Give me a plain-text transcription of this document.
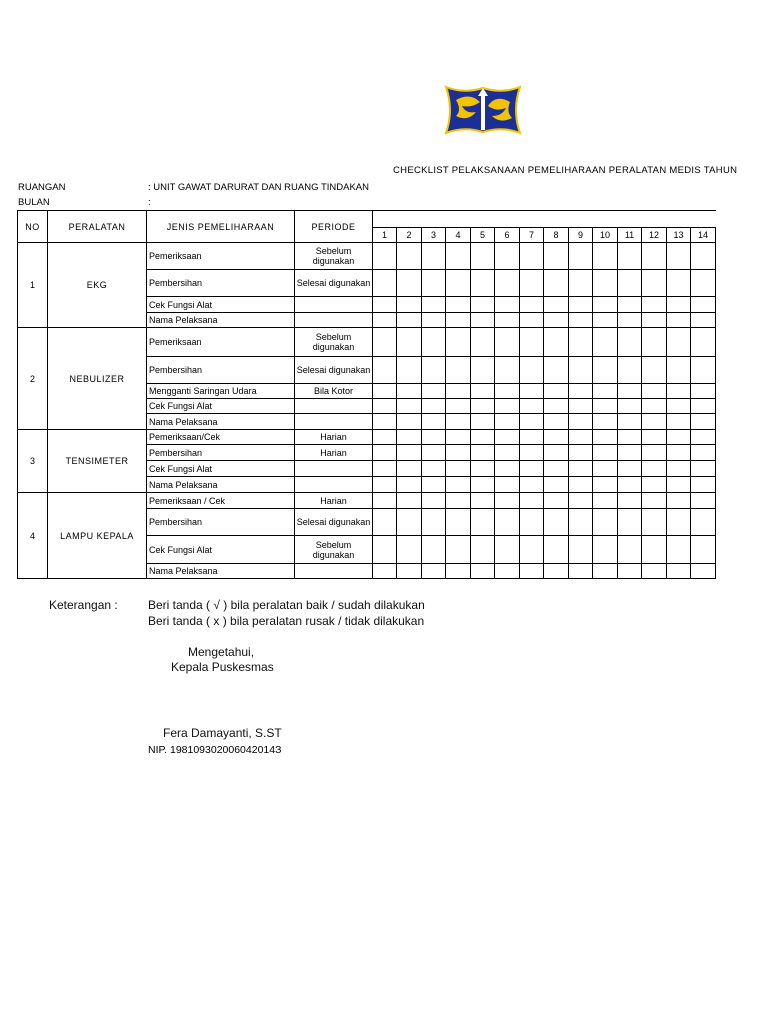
CHECKLIST PELAKSANAAN PEMELIHARAAN PERALATAN MEDIS TAHUN
RUANGAN	: UNIT GAWAT DARURAT DAN RUANG TINDAKAN
BULAN	:
NO	PERALATAN	JENIS PEMELIHARAAN	PERIODE														
				1	2	3	4	5	6	7	8	9	10	11	12	13	14
1	EKG	Pemeriksaan	Sebelum digunakan														
		Pembersihan	Selesai digunakan														
		Cek Fungsi Alat															
		Nama Pelaksana															
2	NEBULIZER	Pemeriksaan	Sebelum digunakan														
		Pembersihan	Selesai digunakan														
		Mengganti Saringan Udara	Bila Kotor														
		Cek Fungsi Alat															
		Nama Pelaksana															
3	TENSIMETER	Pemeriksaan/Cek	Harian														
		Pembersihan	Harian														
		Cek Fungsi Alat															
		Nama Pelaksana															
4	LAMPU KEPALA	Pemeriksaan / Cek	Harian														
		Pembersihan	Selesai digunakan														
		Cek Fungsi Alat	Sebelum digunakan														
		Nama Pelaksana															
Keterangan :	Beri tanda ( √ ) bila peralatan baik / sudah dilakukan
Beri tanda ( x ) bila peralatan rusak / tidak dilakukan
Mengetahui,
Kepala Puskesmas
Fera Damayanti, S.ST
NIP. 198109302006042014З
